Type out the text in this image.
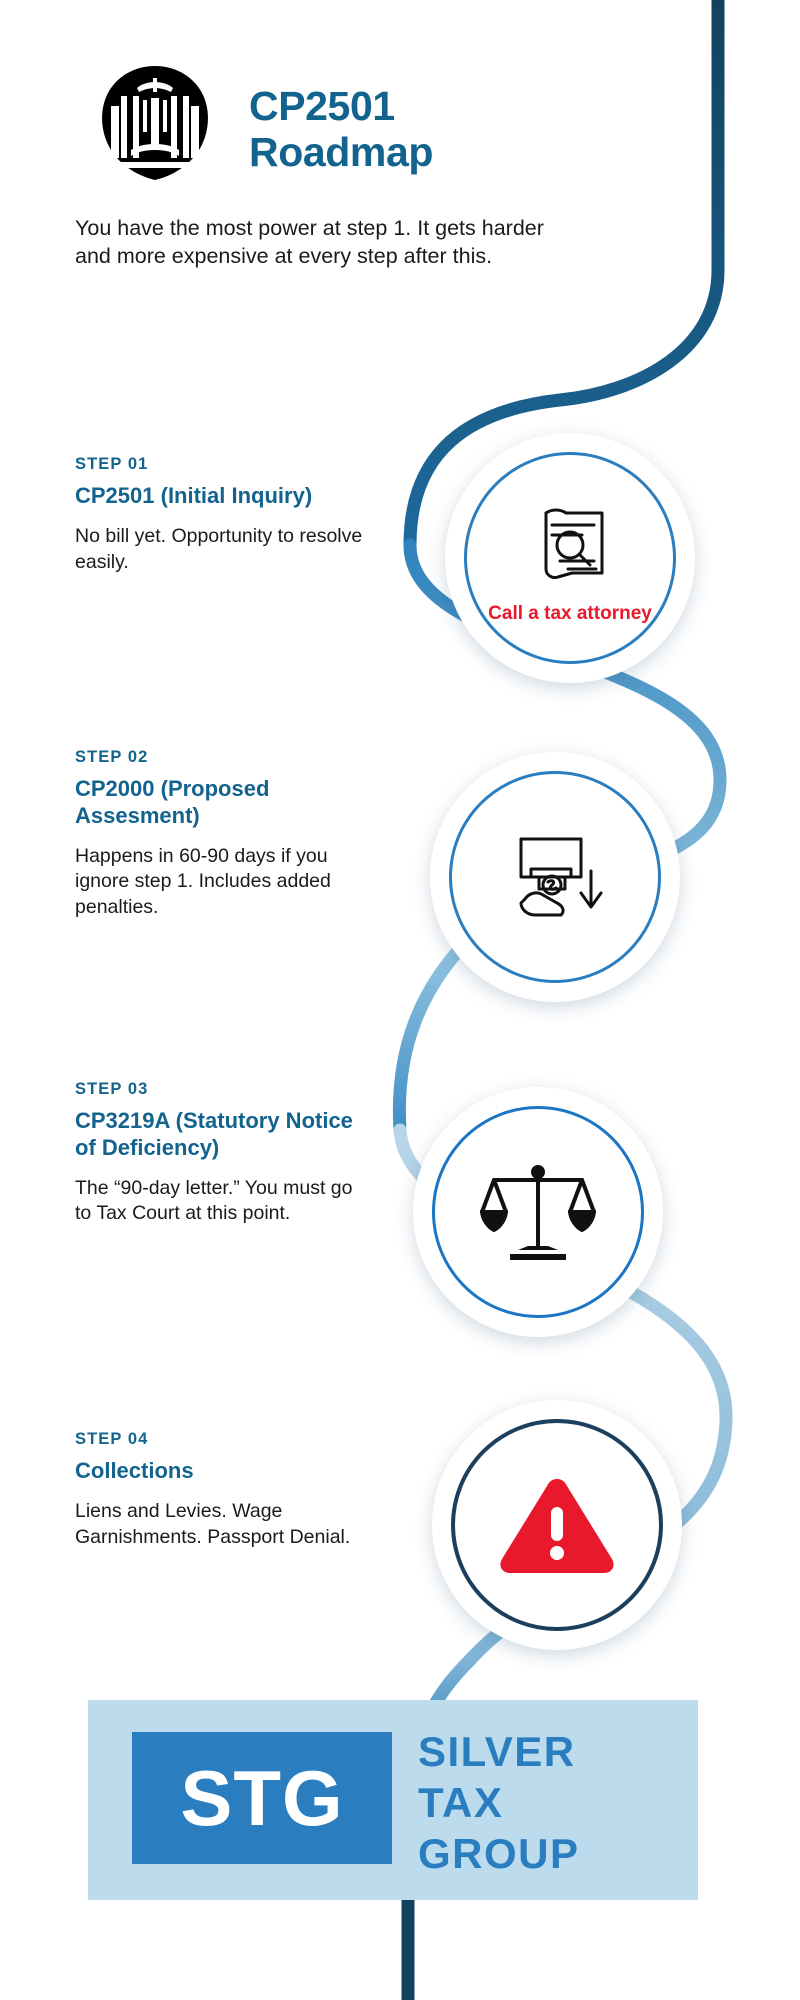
CP2501
Roadmap
You have the most power at step 1. It gets harder and more expensive at every step after this.
STEP 01
CP2501 (Initial Inquiry)
No bill yet. Opportunity to resolve easily.
Call a tax attorney
STEP 02
CP2000 (Proposed Assesment)
Happens in 60-90 days if you ignore step 1. Includes added penalties.
STEP 03
CP3219A (Statutory Notice of Deficiency)
The “90-day letter.” You must go to Tax Court at this point.
STEP 04
Collections
Liens and Levies. Wage Garnishments. Passport Denial.
STG
SILVER
TAX
GROUP
